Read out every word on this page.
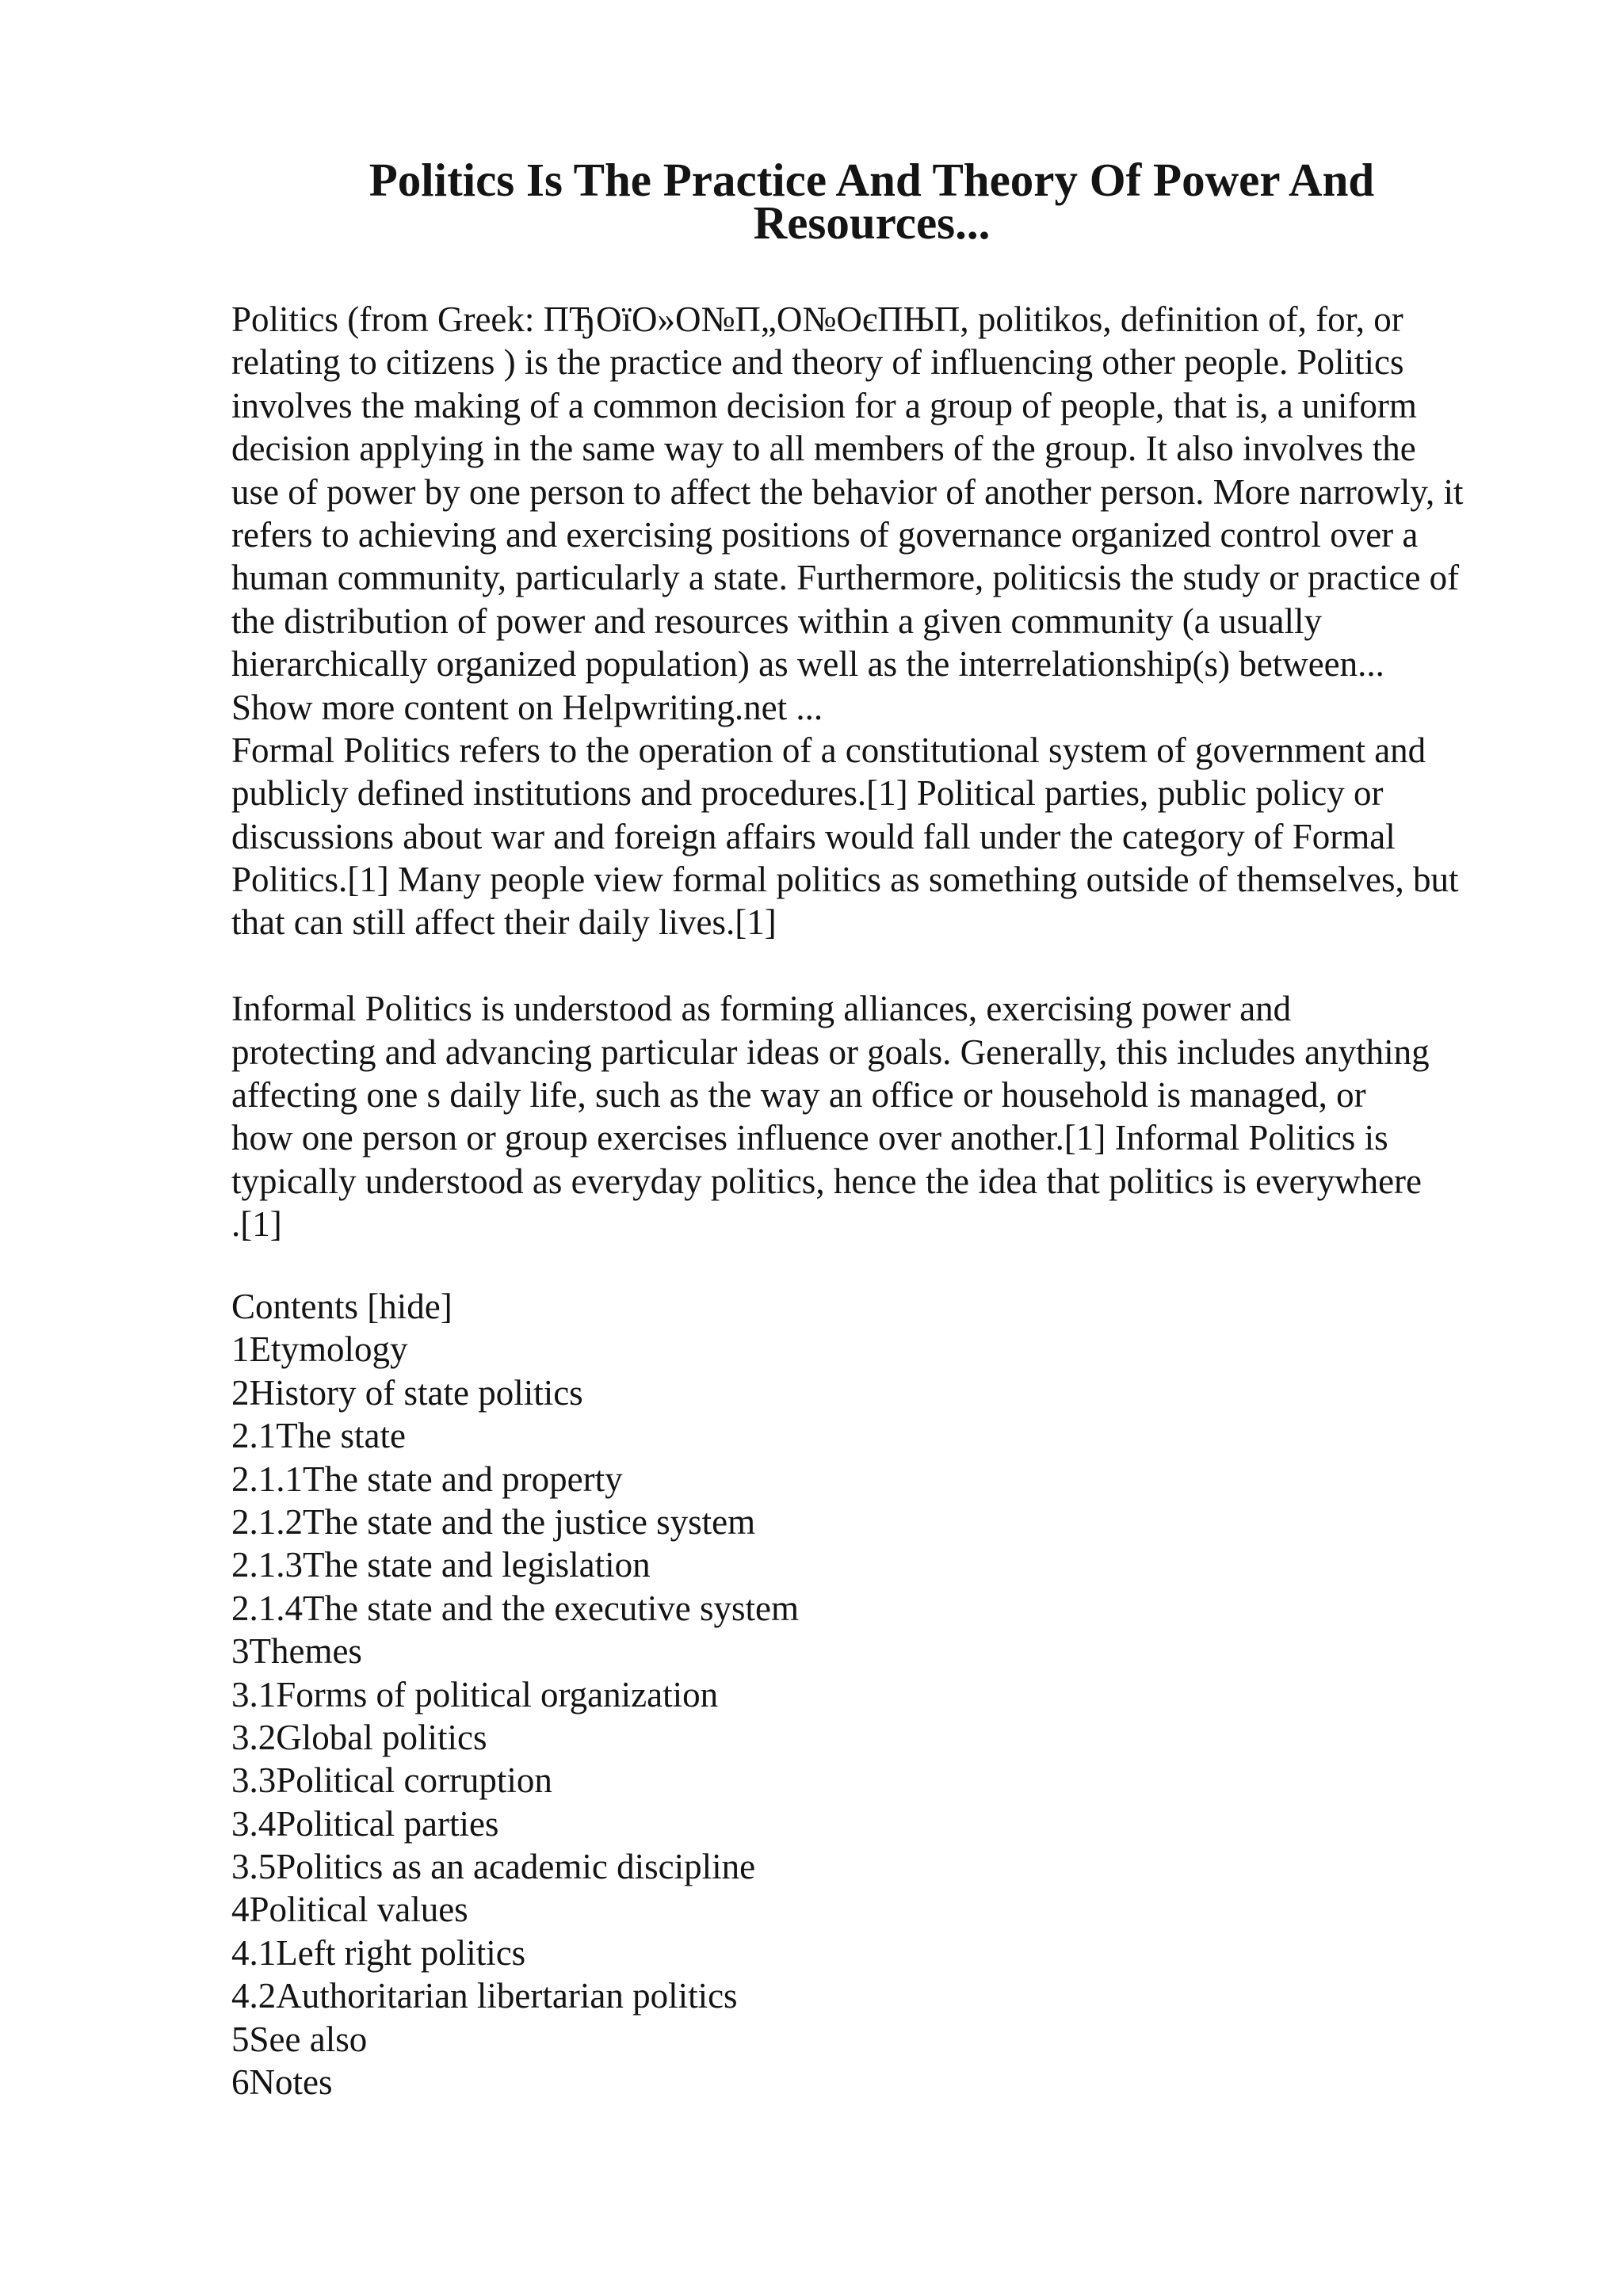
Politics Is The Practice And Theory Of Power And
Resources...
Politics (from Greek: ПЂОїО»О№П„О№ОєПЊП, politikos, definition of, for, or
relating to citizens ) is the practice and theory of influencing other people. Politics
involves the making of a common decision for a group of people, that is, a uniform
decision applying in the same way to all members of the group. It also involves the
use of power by one person to affect the behavior of another person. More narrowly, it
refers to achieving and exercising positions of governance organized control over a
human community, particularly a state. Furthermore, politicsis the study or practice of
the distribution of power and resources within a given community (a usually
hierarchically organized population) as well as the interrelationship(s) between...
Show more content on Helpwriting.net ...
Formal Politics refers to the operation of a constitutional system of government and
publicly defined institutions and procedures.[1] Political parties, public policy or
discussions about war and foreign affairs would fall under the category of Formal
Politics.[1] Many people view formal politics as something outside of themselves, but
that can still affect their daily lives.[1]
Informal Politics is understood as forming alliances, exercising power and
protecting and advancing particular ideas or goals. Generally, this includes anything
affecting one s daily life, such as the way an office or household is managed, or
how one person or group exercises influence over another.[1] Informal Politics is
typically understood as everyday politics, hence the idea that politics is everywhere
.[1]
Contents [hide]
1Etymology
2History of state politics
2.1The state
2.1.1The state and property
2.1.2The state and the justice system
2.1.3The state and legislation
2.1.4The state and the executive system
3Themes
3.1Forms of political organization
3.2Global politics
3.3Political corruption
3.4Political parties
3.5Politics as an academic discipline
4Political values
4.1Left right politics
4.2Authoritarian libertarian politics
5See also
6Notes
